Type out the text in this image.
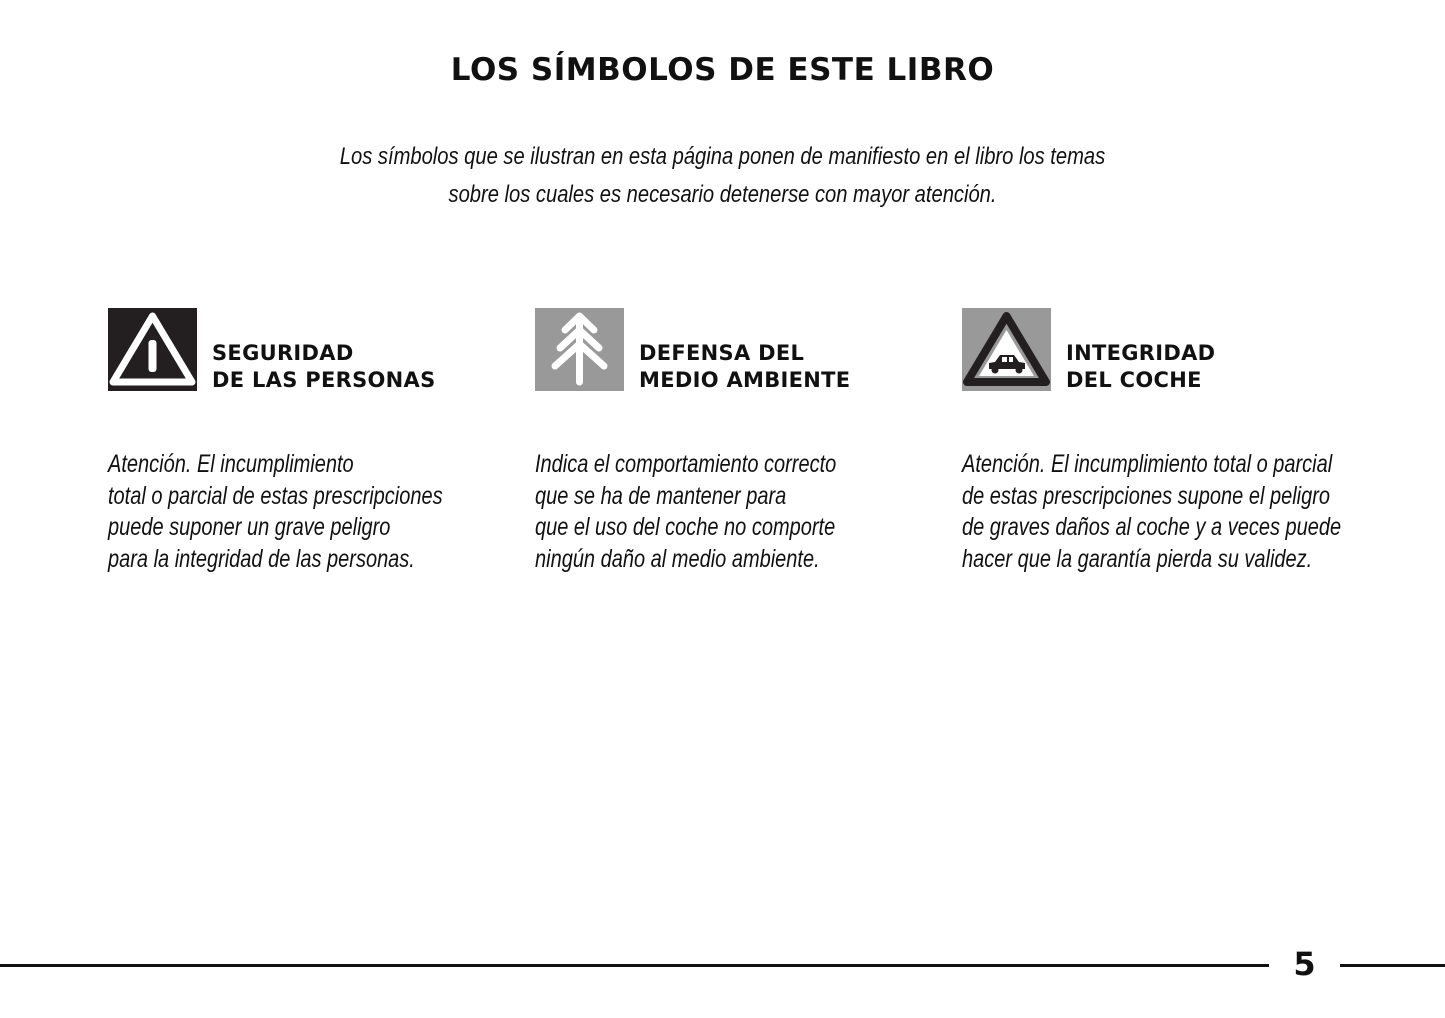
LOS SÍMBOLOS DE ESTE LIBRO
Los símbolos que se ilustran en esta página ponen de manifiesto en el libro los temas
sobre los cuales es necesario detenerse con mayor atención.
SEGURIDAD
DE LAS PERSONAS
Atención. El incumplimiento
total o parcial de estas prescripciones
puede suponer un grave peligro
para la integridad de las personas.
DEFENSA DEL
MEDIO AMBIENTE
Indica el comportamiento correcto
que se ha de mantener para
que el uso del coche no comporte
ningún daño al medio ambiente.
INTEGRIDAD
DEL COCHE
Atención. El incumplimiento total o parcial
de estas prescripciones supone el peligro
de graves daños al coche y a veces puede
hacer que la garantía pierda su validez.
5
